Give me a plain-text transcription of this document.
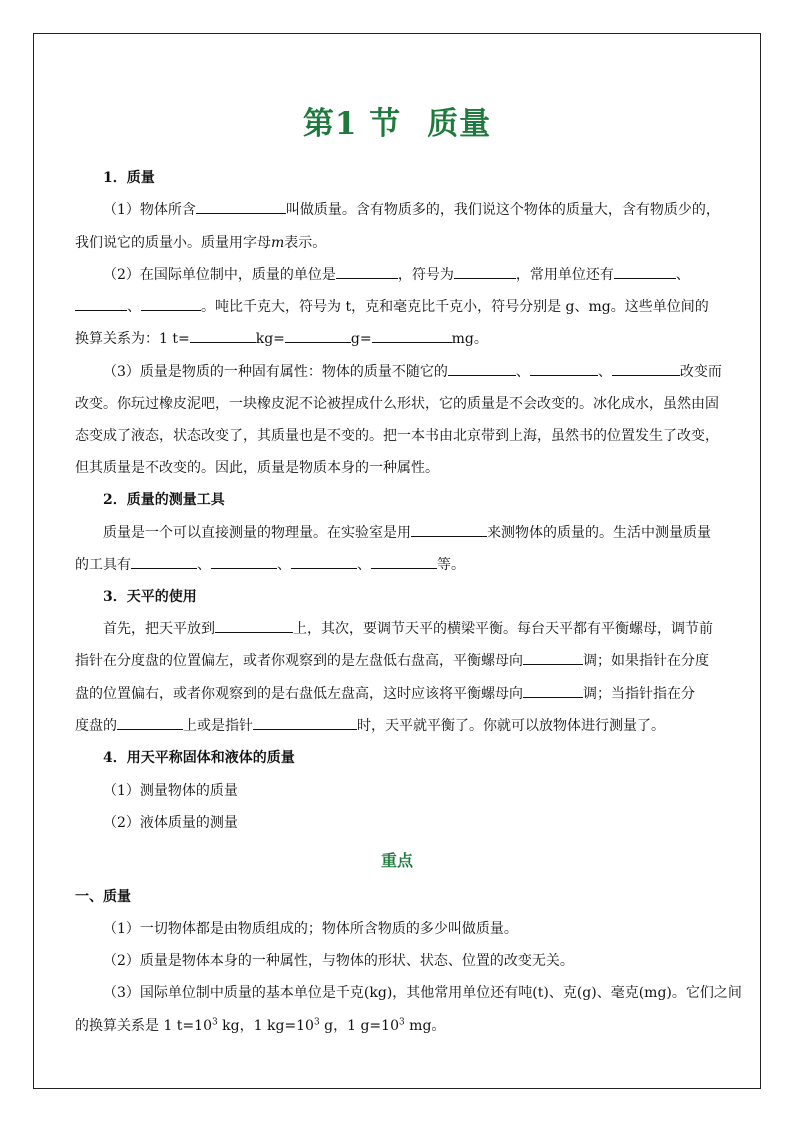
第1 节 质量
1．质量
（1）物体所含	叫做质量。含有物质多的，我们说这个物体的质量大，含有物质少的，
我们说它的质量小。质量用字母m表示。
（2）在国际单位制中，质量的单位是	，符号为	，常用单位还有	、
、	。吨比千克大，符号为 t，克和毫克比千克小，符号分别是 g、mg。这些单位间的
换算关系为：1 t=	kg=	g=	mg。
（3）质量是物质的一种固有属性：物体的质量不随它的	、	、	改变而
改变。你玩过橡皮泥吧，一块橡皮泥不论被捏成什么形状，它的质量是不会改变的。冰化成水，虽然由固
态变成了液态，状态改变了，其质量也是不变的。把一本书由北京带到上海，虽然书的位置发生了改变，
但其质量是不改变的。因此，质量是物质本身的一种属性。
2．质量的测量工具
质量是一个可以直接测量的物理量。在实验室是用	来测物体的质量的。生活中测量质量
的工具有	、	、	、	等。
3．天平的使用
首先，把天平放到	上，其次，要调节天平的横梁平衡。每台天平都有平衡螺母，调节前
指针在分度盘的位置偏左，或者你观察到的是左盘低右盘高，平衡螺母向	调；如果指针在分度
盘的位置偏右，或者你观察到的是右盘低左盘高，这时应该将平衡螺母向	调；当指针指在分
度盘的	上或是指针	时，天平就平衡了。你就可以放物体进行测量了。
4．用天平称固体和液体的质量
（1）测量物体的质量
（2）液体质量的测量
重点
一、质量
（1）一切物体都是由物质组成的；物体所含物质的多少叫做质量。
（2）质量是物体本身的一种属性，与物体的形状、状态、位置的改变无关。
（3）国际单位制中质量的基本单位是千克(kg)，其他常用单位还有吨(t)、克(g)、毫克(mg)。它们之间
的换算关系是 1 $t=10^3$ kg，1 $kg=10^3$ g，1 $g=10^3$ mg。
